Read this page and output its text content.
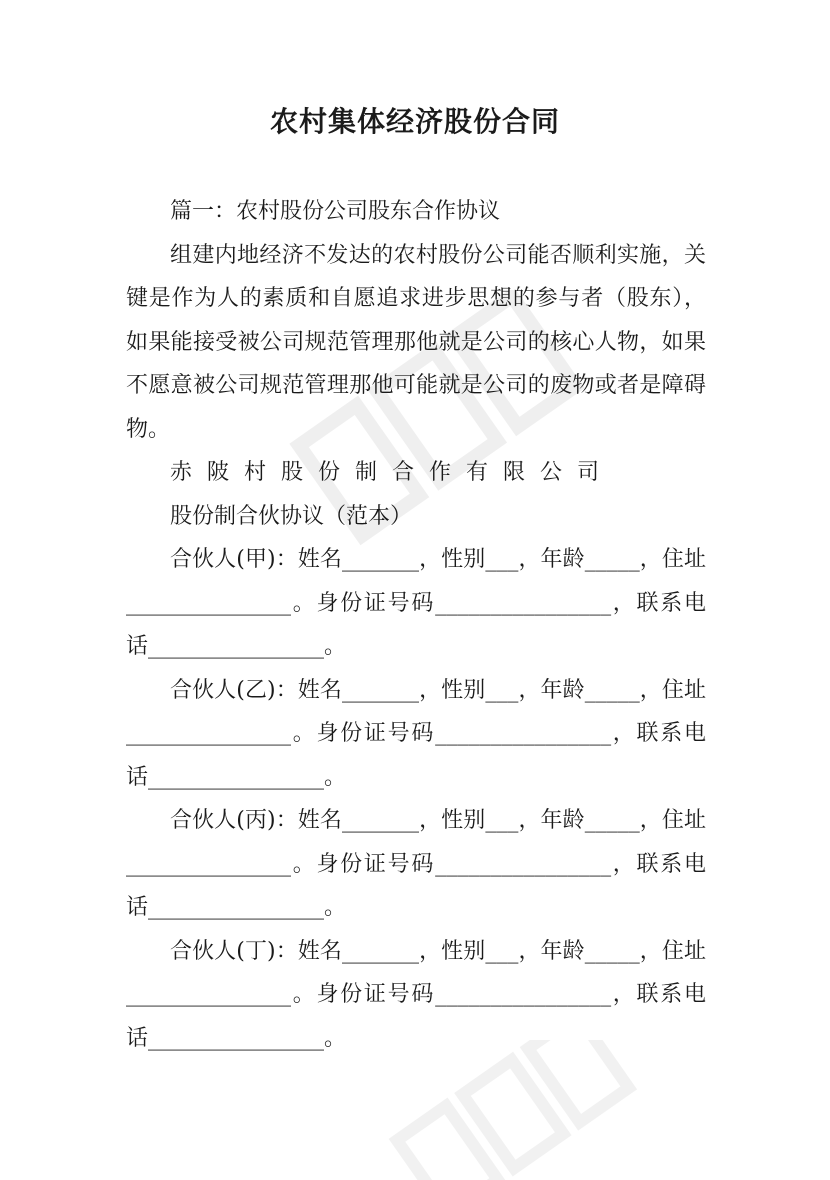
农村集体经济股份合同

篇一：农村股份公司股东合作协议

组建内地经济不发达的农村股份公司能否顺利实施，关键是作为人的素质和自愿追求进步思想的参与者（股东），如果能接受被公司规范管理那他就是公司的核心人物，如果不愿意被公司规范管理那他可能就是公司的废物或者是障碍物。

赤陂村股份制合作有限公司

股份制合伙协议（范本）

合伙人(甲)：姓名_______，性别___，年龄_____，住址_______________。身份证号码________________，联系电话________________。

合伙人(乙)：姓名_______，性别___，年龄_____，住址_______________。身份证号码________________，联系电话________________。

合伙人(丙)：姓名_______，性别___，年龄_____，住址_______________。身份证号码________________，联系电话________________。

合伙人(丁)：姓名_______，性别___，年龄_____，住址_______________。身份证号码________________，联系电话________________。
